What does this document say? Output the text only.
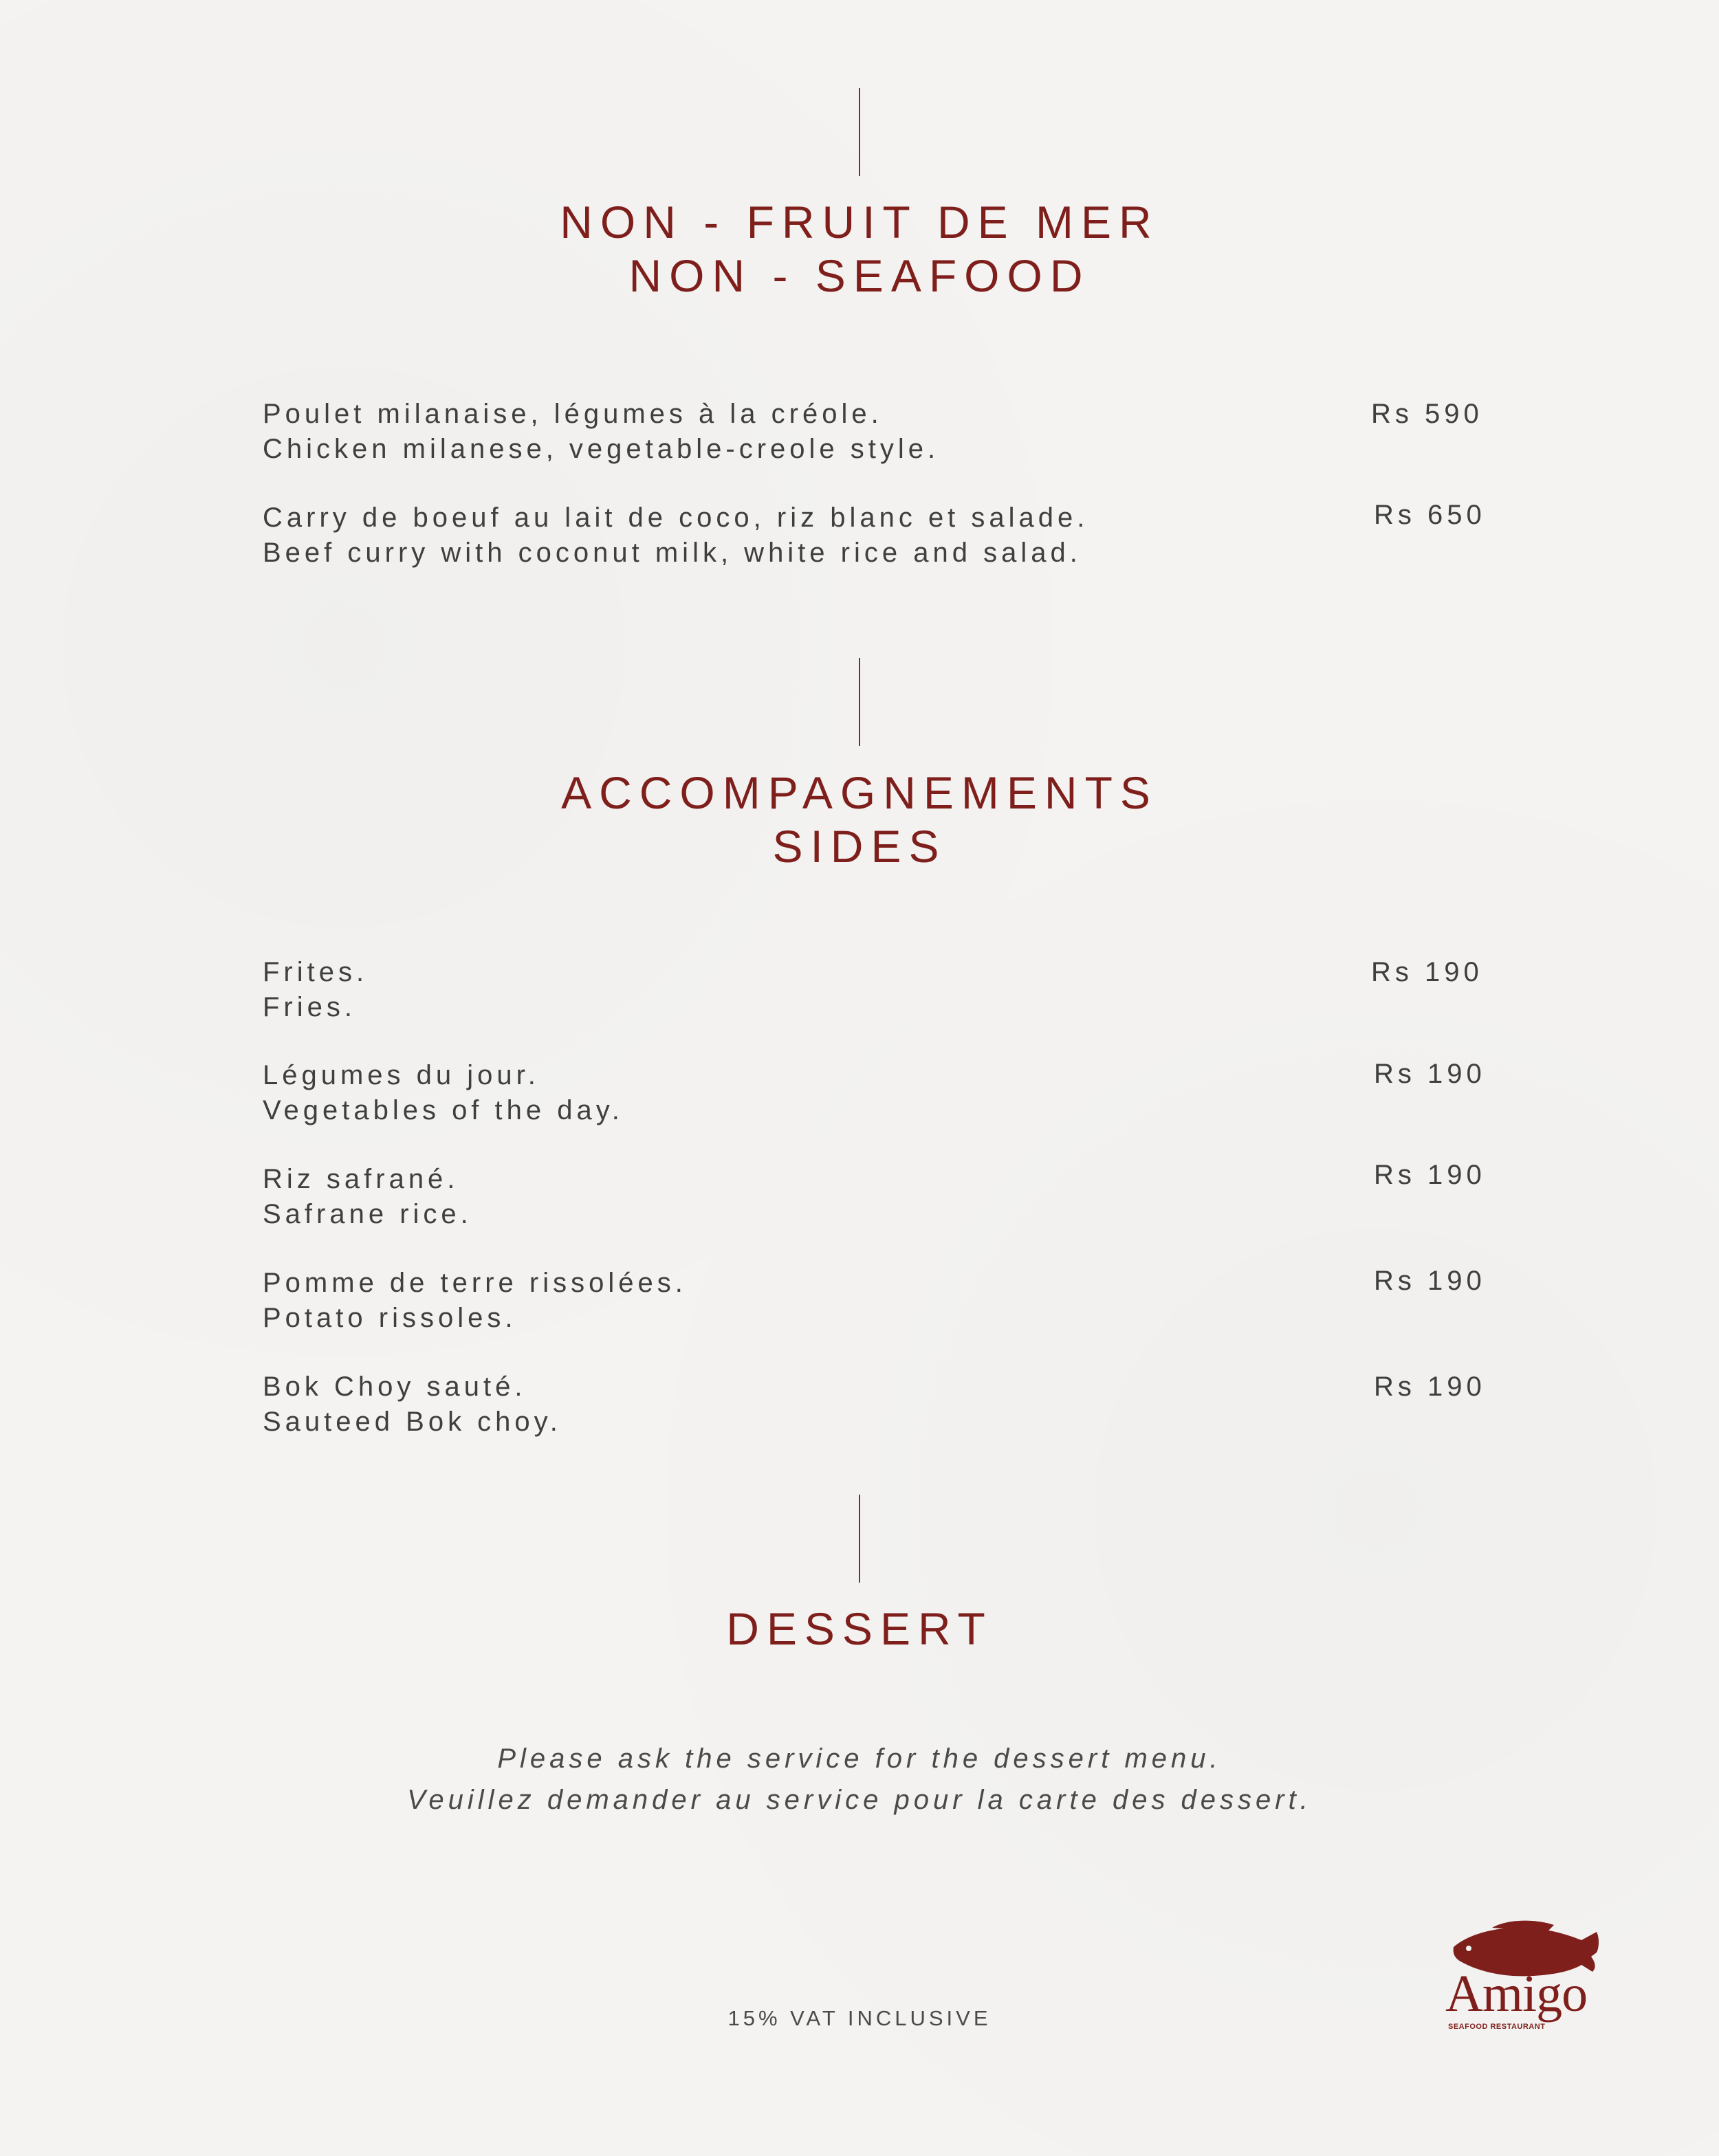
NON - FRUIT DE MER
NON - SEAFOOD
Poulet milanaise, légumes à la créole.
Chicken milanese, vegetable-creole style.
Rs 590
Carry de boeuf au lait de coco, riz blanc et salade.
Beef curry with coconut milk, white rice and salad.
Rs 650
ACCOMPAGNEMENTS
SIDES
Frites.
Fries.
Rs 190
Légumes du jour.
Vegetables of the day.
Rs 190
Riz safrané.
Safrane rice.
Rs 190
Pomme de terre rissolées.
Potato rissoles.
Rs 190
Bok Choy sauté.
Sauteed Bok choy.
Rs 190
DESSERT
Please ask the service for the dessert menu.
Veuillez demander au service pour la carte des dessert.
15% VAT INCLUSIVE	Amigo
SEAFOOD RESTAURANT
